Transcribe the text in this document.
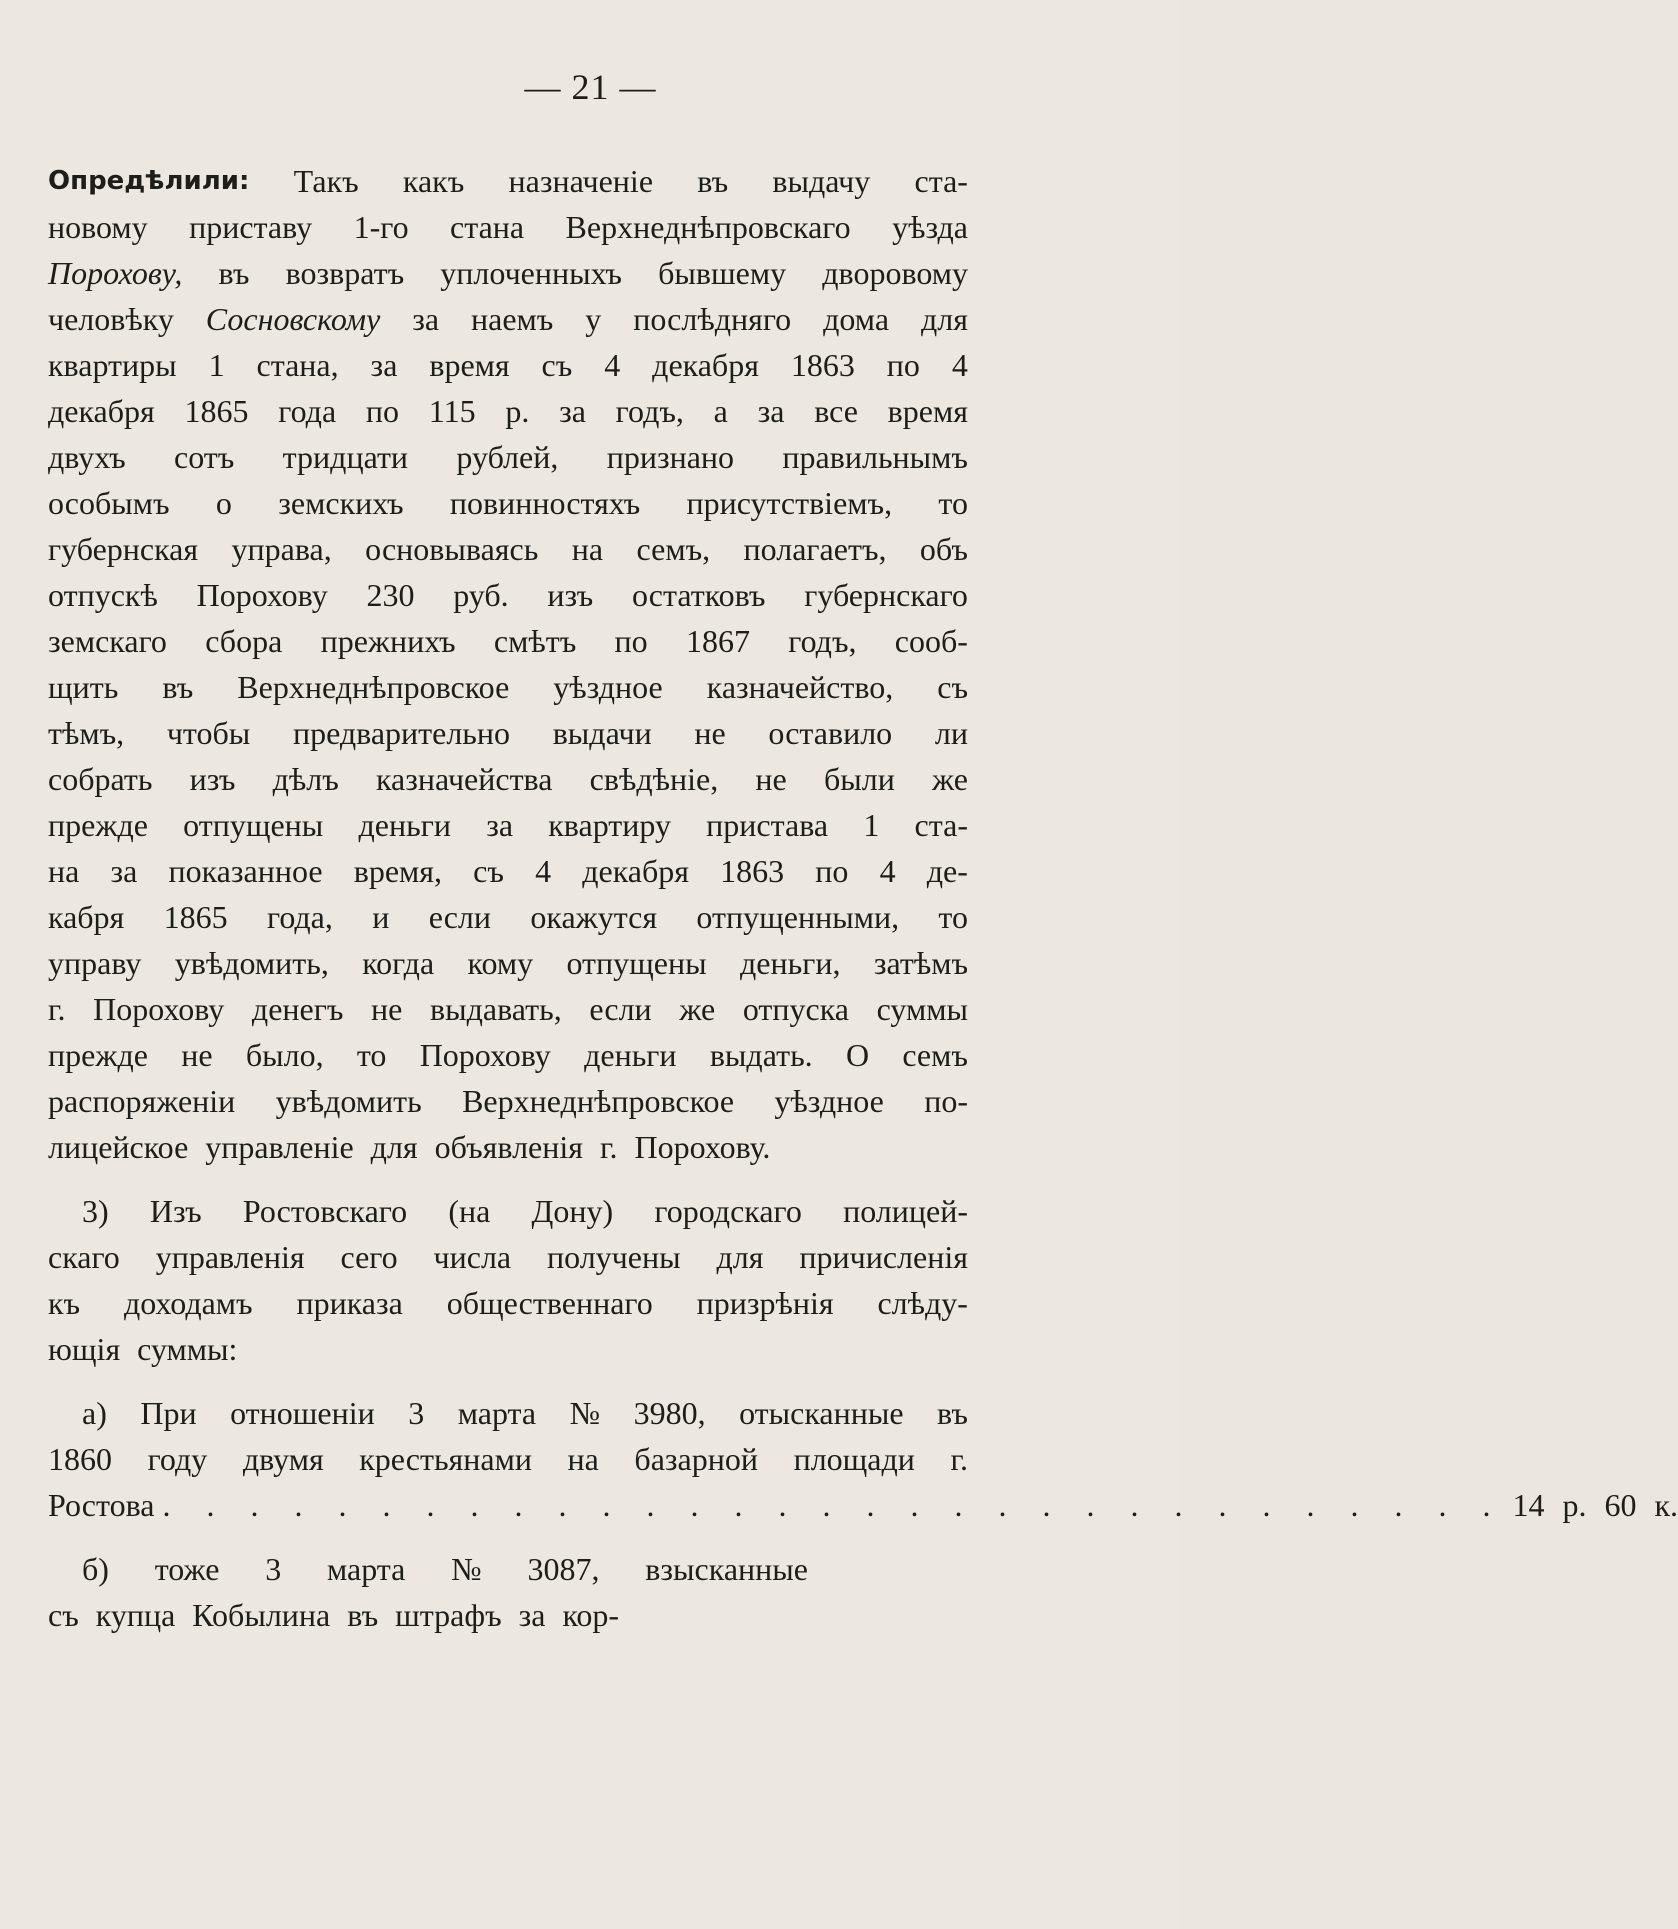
— 21 —
Опредѣлили: Такъ какъ назначеніе въ выдачу ста-
новому приставу 1-го стана Верхнеднѣпровскаго уѣзда
Порохову, въ возвратъ уплоченныхъ бывшему дворовому
человѣку Сосновскому за наемъ у послѣдняго дома для
квартиры 1 стана, за время съ 4 декабря 1863 по 4
декабря 1865 года по 115 р. за годъ, а за все время
двухъ сотъ тридцати рублей, признано правильнымъ
особымъ о земскихъ повинностяхъ присутствіемъ, то
губернская управа, основываясь на семъ, полагаетъ, объ
отпускѣ Порохову 230 руб. изъ остатковъ губернскаго
земскаго сбора прежнихъ смѣтъ по 1867 годъ, сооб-
щить въ Верхнеднѣпровское уѣздное казначейство, съ
тѣмъ, чтобы предварительно выдачи не оставило ли
собрать изъ дѣлъ казначейства свѣдѣніе, не были же
прежде отпущены деньги за квартиру пристава 1 ста-
на за показанное время, съ 4 декабря 1863 по 4 де-
кабря 1865 года, и если окажутся отпущенными, то
управу увѣдомить, когда кому отпущены деньги, затѣмъ
г. Порохову денегъ не выдавать, если же отпуска суммы
прежде не было, то Порохову деньги выдать. О семъ
распоряженіи увѣдомить Верхнеднѣпровское уѣздное по-
лицейское управленіе для объявленія г. Порохову.
3) Изъ Ростовскаго (на Дону) городскаго полицей-
скаго управленія сего числа получены для причисленія
къ доходамъ приказа общественнаго призрѣнія слѣду-
ющія суммы:
а) При отношеніи 3 марта № 3980, отысканные въ
1860 году двумя крестьянами на базарной площади г.
Ростова . . . . . . . . . . . . . . . . . . . . . . . . . . . . . . . 14 р. 60 к.
б) тоже 3 марта № 3087, взысканные
съ купца Кобылина въ штрафъ за кор-
